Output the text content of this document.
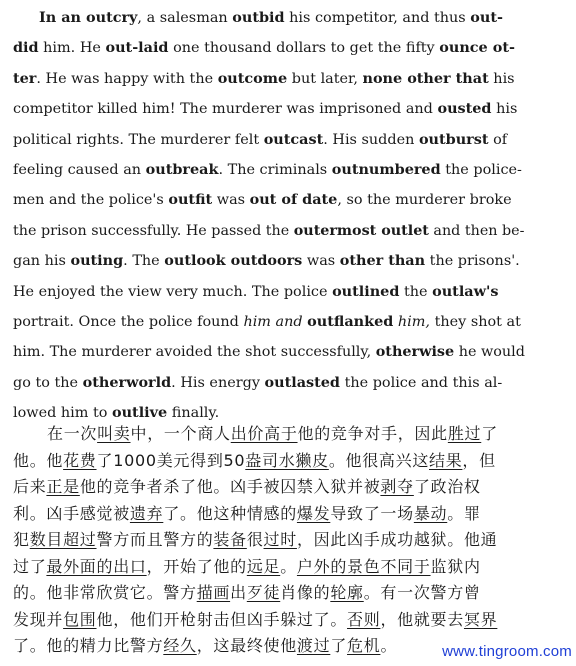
In an outcry, a salesman outbid his competitor, and thus out-
did him. He out-laid one thousand dollars to get the fifty ounce ot-
ter. He was happy with the outcome but later, none other that his
competitor killed him! The murderer was imprisoned and ousted his
political rights. The murderer felt outcast. His sudden outburst of
feeling caused an outbreak. The criminals outnumbered the police-
men and the police's outfit was out of date, so the murderer broke
the prison successfully. He passed the outermost outlet and then be-
gan his outing. The outlook outdoors was other than the prisons'.
He enjoyed the view very much. The police outlined the outlaw's
portrait. Once the police found him and outflanked him, they shot at
him. The murderer avoided the shot successfully, otherwise he would
go to the otherworld. His energy outlasted the police and this al-
lowed him to outlive finally.
在一次叫卖中，一个商人出价高于他的竞争对手，因此胜过了
他。他花费了1000美元得到50盎司水獭皮。他很高兴这结果，但
后来正是他的竞争者杀了他。凶手被囚禁入狱并被剥夺了政治权
利。凶手感觉被遗弃了。他这种情感的爆发导致了一场暴动。罪
犯数目超过警方而且警方的装备很过时，因此凶手成功越狱。他通
过了最外面的出口，开始了他的远足。户外的景色不同于监狱内
的。他非常欣赏它。警方描画出歹徒肖像的轮廓。有一次警方曾
发现并包围他，他们开枪射击但凶手躲过了。否则，他就要去冥界
了。他的精力比警方经久，这最终使他渡过了危机。	www.tingroom.com
